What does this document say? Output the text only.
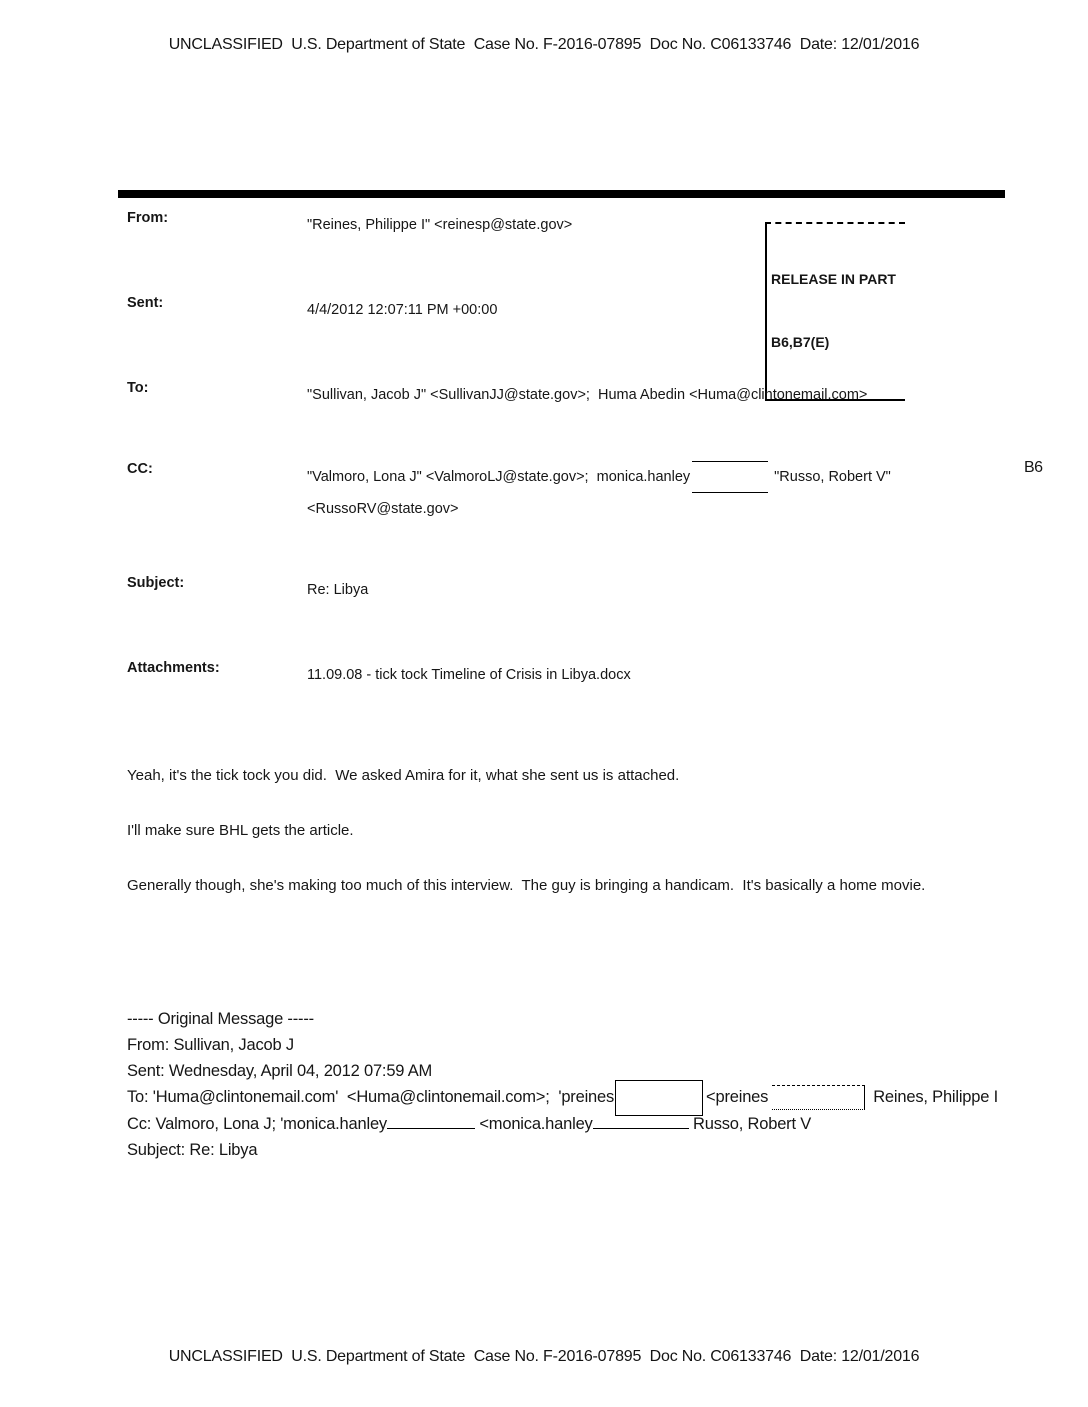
UNCLASSIFIED  U.S. Department of State  Case No. F-2016-07895  Doc No. C06133746  Date: 12/01/2016
From:	"Reines, Philippe I" <reinesp@state.gov>

RELEASE IN PART

B6,B7(E)

Sent:	4/4/2012 12:07:11 PM +00:00
To:	"Sullivan, Jacob J" <SullivanJJ@state.gov>;  Huma Abedin <Huma@clintonemail.com>
CC:	"Valmoro, Lona J" <ValmoroLJ@state.gov>;  monica.hanley	"Russo, Robert V"
<RussoRV@state.gov>
B6
Subject:	Re: Libya
Attachments:	11.09.08 - tick tock Timeline of Crisis in Libya.docx
Yeah, it's the tick tock you did.  We asked Amira for it, what she sent us is attached.
I'll make sure BHL gets the article.
Generally though, she's making too much of this interview.  The guy is bringing a handicam.  It's basically a home movie.
----- Original Message -----
From: Sullivan, Jacob J
Sent: Wednesday, April 04, 2012 07:59 AM
To: 'Huma@clintonemail.com'  <Huma@clintonemail.com>;  'preines	<preines	Reines, Philippe I
Cc: Valmoro, Lona J; 'monica.hanley	<monica.hanley	Russo, Robert V
Subject: Re: Libya
UNCLASSIFIED  U.S. Department of State  Case No. F-2016-07895  Doc No. C06133746  Date: 12/01/2016
